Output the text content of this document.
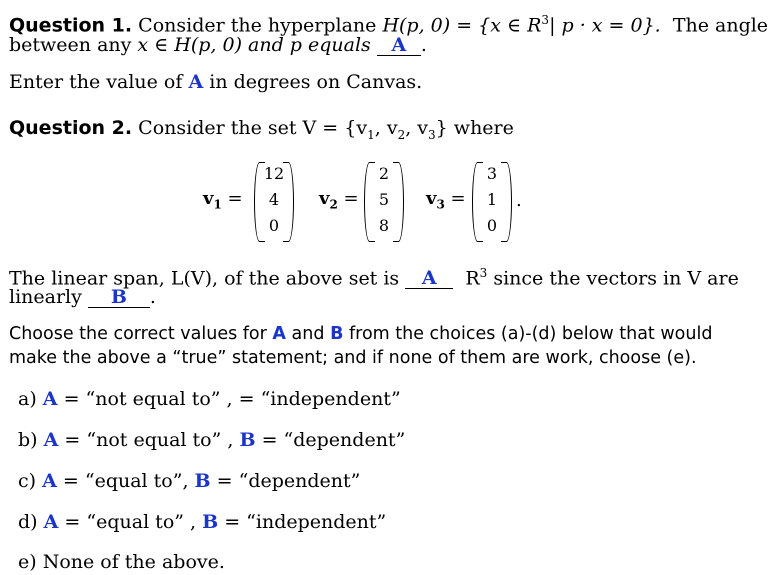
Question 1. Consider the hyperplane H(p, 0) = {x ∈ $R^3|$ p · x = 0}. The angle
between any x ∈ H(p, 0) and p equals A .
Enter the value of A in degrees on Canvas.
Question 2. Consider the set $V = \{v_1$, $v_2$, $v_3$} where
$v_1$ =
12
4
0
$v_2$ =
2
5
8
$v_3$ =
3
1
0
.
The linear span, L(V), of the above set is A $R^3$ since the vectors in V are
linearly B .
Choose the correct values for A and B from the choices (a)-(d) below that would
make the above a “true” statement; and if none of them are work, choose (e).
a) A = “not equal to” , = “independent”
b) A = “not equal to” , B = “dependent”
c) A = “equal to”, B = “dependent”
d) A = “equal to” , B = “independent”
e) None of the above.
